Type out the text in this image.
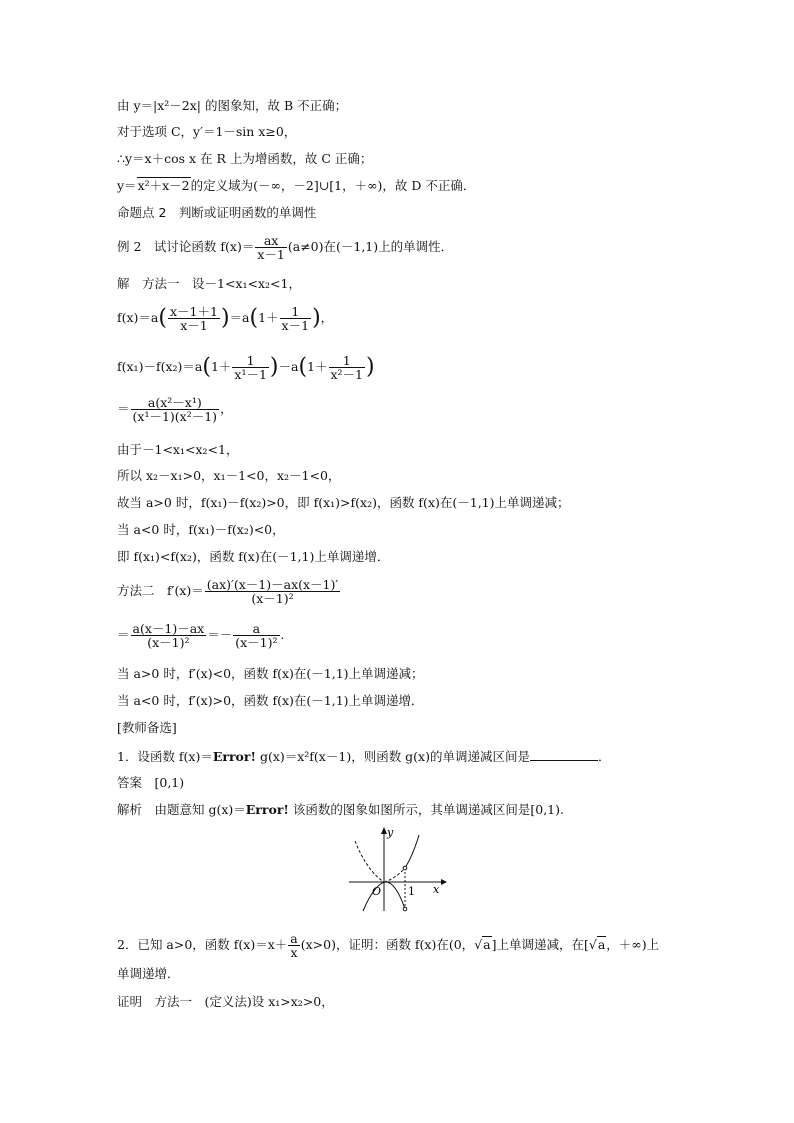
由 y＝|x²－2x| 的图象知，故 B 不正确；
对于选项 C，y′＝1－sin x≥0，
∴y＝x＋cos x 在 R 上为增函数，故 C 正确；
y＝x²＋x－2的定义域为(－∞，－2]∪[1，＋∞)，故 D 不正确．
命题点 2　判断或证明函数的单调性
例 2　试讨论函数 $f(x)= \frac{ax}{x-1} (a\ne 0)$在(－1,1)上的单调性．
解　方法一　设－1<x₁<x₂<1，
$f(x)=a( \frac{x-1+1}{x-1} )=a(1+ \frac{1}{x-1}$ )，
$f(x_1)-f(x_2)=a(1+ \frac{1}{\text{x¹－1}} )-a(1+ \frac{1}{\text{x²－1}}$ )
＝ $\frac{\text{a(x²－x¹)}}{\text{(x¹－1)(x²－1)}}$ ，
由于－1<x₁<x₂<1，
所以 x₂－x₁>0，x₁－1<0，x₂－1<0，
故当 a>0 时，f(x₁)－f(x₂)>0，即 f(x₁)>f(x₂)，函数 f(x)在(－1,1)上单调递减；
当 a<0 时，f(x₁)－f(x₂)<0，
即 f(x₁)<f(x₂)，函数 f(x)在(－1,1)上单调递增．
方法二　$f'(x)= \frac{(ax)'(x-1)-ax(x-1)'}{\text{(x－1)²}}$
＝ $\frac{a(x-1)-ax}{\text{(x－1)²}} =- \frac{a}{\text{(x－1)²}}$ .
当 a>0 时，f′(x)<0，函数 f(x)在(－1,1)上单调递减；
当 a<0 时，f′(x)>0，函数 f(x)在(－1,1)上单调递增．
[教师备选]
1．设函数 f(x)＝Error! g(x)＝x²f(x－1)，则函数 g(x)的单调递减区间是	．
答案　[0,1)
解析　由题意知 g(x)＝Error! 该函数的图象如图所示，其单调递减区间是[0,1).
x
y
O 1
2．已知 a>0，函数 $f(x)=x+ \frac{a}{x} (x>0)$，证明：函数 f(x)在(0，√a]上单调递减，在[√a，＋∞)上
单调递增．
证明　方法一　(定义法)设 x₁>x₂>0，
